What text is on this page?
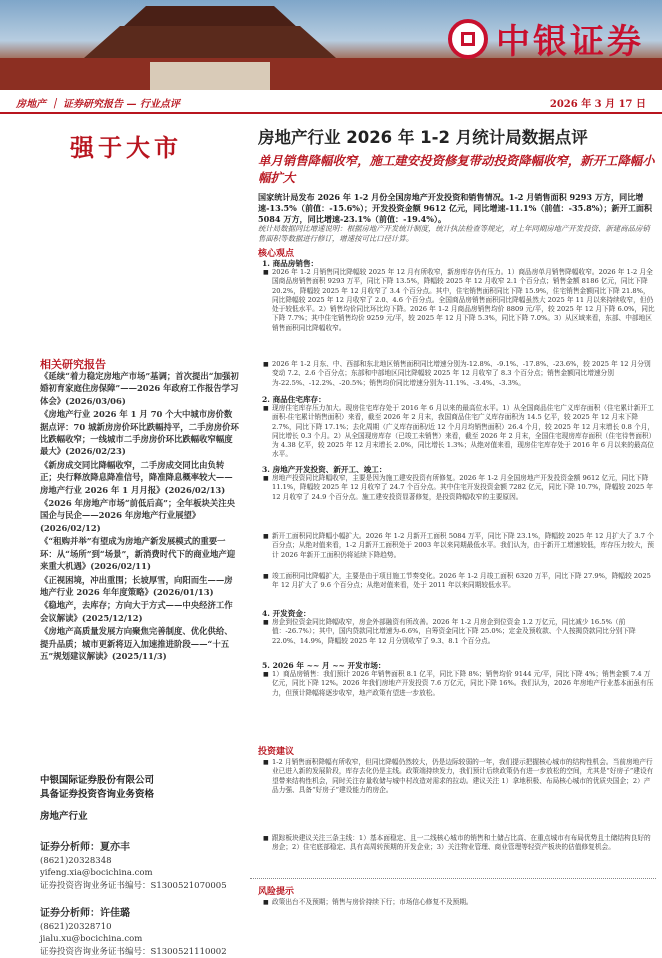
中银证券
房地产 ｜ 证券研究报告 — 行业点评	2026 年 3 月 17 日
强于大市
相关研究报告

《延续“着力稳定房地产市场”基调；首次提出“加强初婚初育家庭住房保障”——2026 年政府工作报告学习体会》(2026/03/06)

《房地产行业 2026 年 1 月 70 个大中城市房价数据点评：70 城新房房价环比跌幅持平，二手房房价环比跌幅收窄；一线城市二手房房价环比跌幅收窄幅度最大》(2026/02/23)

《新房成交同比降幅收窄，二手房成交同比由负转正；央行释放降息降准信号，降准降息概率较大——房地产行业 2026 年 1 月月报》(2026/02/13)

《2026 年房地产市场“前低后高”；全年板块关注央国企与民企——2026 年房地产行业展望》(2026/02/12)

《“租购并举”有望成为房地产新发展模式的重要一环：从“场所”到“场景”，新消费时代下的商业地产迎来重大机遇》(2026/02/11)

《正视困境，冲出重围；长坡厚雪，向阳而生——房地产行业 2026 年年度策略》(2026/01/13)

《稳地产，去库存；方向大于方式——中央经济工作会议解读》(2025/12/12)

《房地产高质量发展方向聚焦完善制度、优化供给、提升品质；城市更新将迈入加速推进阶段——“十五五”规划建议解读》(2025/11/3)

中银国际证券股份有限公司
具备证券投资咨询业务资格
房地产行业
证券分析师：夏亦丰
(8621)20328348
yifeng.xia@bocichina.com
证券投资咨询业务证书编号：S1300521070005
证券分析师：许佳璐
(8621)20328710
jialu.xu@bocichina.com
证券投资咨询业务证书编号：S1300521110002
房地产行业 2026 年 1-2 月统计局数据点评
单月销售降幅收窄，施工建安投资修复带动投资降幅收窄，新开工降幅小幅扩大
国家统计局发布 2026 年 1-2 月份全国房地产开发投资和销售情况。1-2 月销售面积 9293 万方，同比增速-13.5%（前值：-15.6%）；开发投资金额 9612 亿元，同比增速-11.1%（前值：-35.8%）；新开工面积 5084 万方，同比增速-23.1%（前值：-19.4%）。
统计局数据同比增速说明：根据房地产开发统计制度，统计执法检查等规定，对上年同期房地产开发投资、新建商品房销售面积等数据进行修订，增速按可比口径计算。
核心观点
1. 商品房销售：
■ 2026 年 1-2 月销售同比降幅较 2025 年 12 月有所收窄，新房库存仍有压力。1）商品房单月销售降幅收窄。2026 年 1-2 月全国商品房销售面积 9293 万平，同比下降 13.5%，降幅较 2025 年 12 月收窄 2.1 个百分点；销售金额 8186 亿元，同比下降 20.2%，降幅较 2025 年 12 月收窄了 3.4 个百分点。其中，住宅销售面积同比下降 15.9%，住宅销售金额同比下降 21.8%，同比降幅较 2025 年 12 月收窄了 2.0、4.6 个百分点。全国商品房销售面积同比降幅虽然大 2025 年 11 月以来持续收窄，但仍处于较低水平。2）销售均价同比环比均下降。2026 年 1-2 月商品房销售均价 8809 元/平，较 2025 年 12 月下降 6.0%，同比下降 7.7%；其中住宅销售均价 9259 元/平，较 2025 年 12 月下降 5.3%，同比下降 7.0%。3）从区域来看，东部、中部地区销售面积同比降幅收窄。
■ 2026 年 1-2 月东、中、西部和东北地区销售面积同比增速分别为-12.8%、-9.1%、-17.8%、-23.6%，较 2025 年 12 月分别变动 7.2、2.6 个百分点；东部和中部地区同比降幅较 2025 年 12 月收窄了 8.3 个百分点；销售金额同比增速分别为-22.5%、-12.2%、-20.5%；销售均价同比增速分别为-11.1%、-3.4%、-3.3%。
2. 商品住宅库存：
■ 现房住宅库存压力加大。现房住宅库存处于 2016 年 6 月以来的最高位水平。1）从全国商品住宅广义库存面积（住宅累计新开工面积-住宅累计销售面积）来看，截至 2026 年 2 月末，我国商品住宅广义库存面积为 14.5 亿平，较 2025 年 12 月末下降 2.7%，同比下降 17.1%；去化周期（广义库存面积/近 12 个月月均销售面积）26.4 个月，较 2025 年 12 月末增长 0.8 个月，同比增长 0.3 个月。2）从全国现房库存（已竣工未销售）来看，截至 2026 年 2 月末，全国住宅现房库存面积（住宅待售面积）为 4.38 亿平，较 2025 年 12 月末增长 2.0%，同比增长 1.3%；从绝对值来看，现房住宅库存处于 2016 年 6 月以来的最高位水平。
3. 房地产开发投资、新开工、竣工：
■ 房地产投资同比降幅收窄，主要是因为施工建安投资有所修复。2026 年 1-2 月全国房地产开发投资金额 9612 亿元，同比下降 11.1%，降幅较 2025 年 12 月收窄了 24.7 个百分点。其中住宅开发投资金额 7282 亿元，同比下降 10.7%，降幅较 2025 年 12 月收窄了 24.9 个百分点。施工建安投资显著修复，是投资降幅收窄的主要原因。
■ 新开工面积同比降幅小幅扩大。2026 年 1-2 月新开工面积 5084 万平，同比下降 23.1%，降幅较 2025 年 12 月扩大了 3.7 个百分点；从绝对值来看，1-2 月新开工面积处于 2003 年以来同期最低水平。我们认为，由于新开工增速较低，库存压力较大，预计 2026 年新开工面积仍将延续下降趋势。
■ 竣工面积同比降幅扩大，主要是由于项目施工节奏变化。2026 年 1-2 月竣工面积 6320 万平，同比下降 27.9%，降幅较 2025 年 12 月扩大了 9.6 个百分点；从绝对值来看，处于 2011 年以来同期较低水平。
4. 开发资金：
■ 房企到位资金同比降幅收窄，房企外部融资有所改善。2026 年 1-2 月房企到位资金 1.2 万亿元，同比减少 16.5%（前值：-26.7%）；其中，国内贷款同比增速为-6.6%，自筹资金同比下降 25.0%；定金及预收款、个人按揭贷款同比分别下降 22.0%、14.9%，降幅较 2025 年 12 月分别收窄了 9.3、8.1 个百分点。
5. 2026 年 ~~ 月 ~~ 开发市场：
■ 1）商品房销售：我们预计 2026 年销售面积 8.1 亿平，同比下降 8%；销售均价 9144 元/平，同比下降 4%；销售金额 7.4 万亿元，同比下降 12%。2026 年我们房地产开发投资 7.6 万亿元，同比下降 16%。我们认为，2026 年房地产行业基本面虽有压力，但预计降幅将逐步收窄，地产政策有望进一步放松。
投资建议
■ 1-2 月销售面积降幅有所收窄，但同比降幅仍然较大，仍是边际较弱的一年，我们提示把握核心城市的结构性机会。当前房地产行业已进入新的发展阶段，库存去化仍是主线。政策端持续发力，我们预计后续政策仍有进一步放松的空间，尤其是“好房子”建设有望带来结构性机会，同时关注存量收储与城中村改造对需求的拉动。建议关注 1）拿地积极、布局核心城市的优质央国企；2）产品力强、具备“好房子”建设能力的房企。
■ 跟踪板块建议关注三条主线：1）基本面稳定、且一二线核心城市的销售和土储占比高、在重点城市有布局优势且土储结构良好的房企；2）住宅底部稳定、具有高周转预期的开发企业；3）关注物业管理、商业管理等轻资产板块的估值修复机会。
风险提示
■ 政策出台不及预期；销售与房价持续下行；市场信心修复不及预期。
